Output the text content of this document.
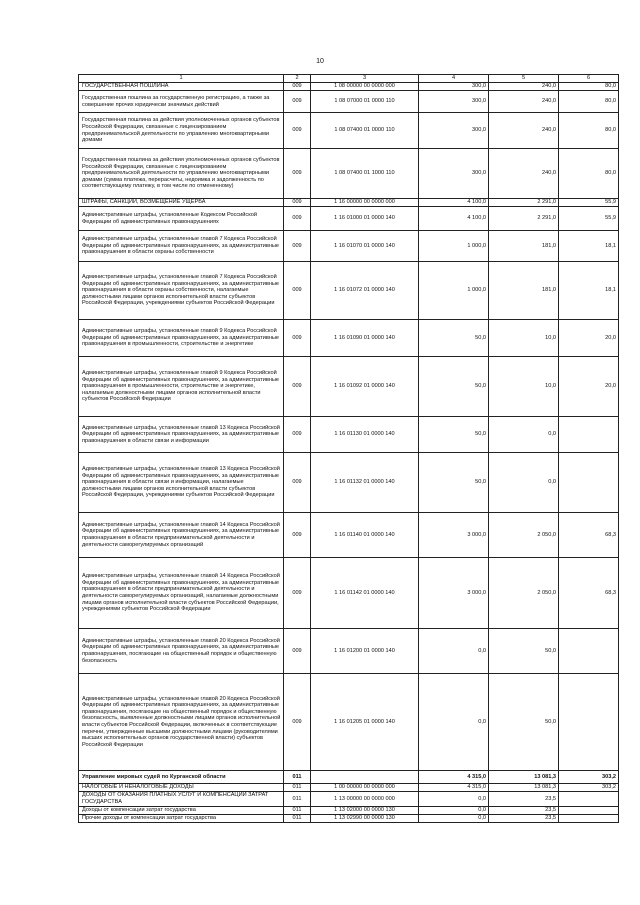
10
1	2	3	4	5	6
ГОСУДАРСТВЕННАЯ ПОШЛИНА	009	1 08 00000 00 0000 000	300,0	240,0	80,0
Государственная пошлина за государственную регистрацию, а также за совершение прочих юридически значимых действий	009	1 08 07000 01 0000 110	300,0	240,0	80,0
Государственная пошлина за действия уполномоченных органов субъектов Российской Федерации, связанные с лицензированием предпринимательской деятельности по управлению многоквартирными домами	009	1 08 07400 01 0000 110	300,0	240,0	80,0
Государственная пошлина за действия уполномоченных органов субъектов Российской Федерации, связанные с лицензированием предпринимательской деятельности по управлению многоквартирными домами (сумма платежа, перерасчеты, недоимка и задолженность по соответствующему платежу, в том числе по отмененному)	009	1 08 07400 01 1000 110	300,0	240,0	80,0
ШТРАФЫ, САНКЦИИ, ВОЗМЕЩЕНИЕ УЩЕРБА	009	1 16 00000 00 0000 000	4 100,0	2 291,0	55,9
Административные штрафы, установленные Кодексом Российской Федерации об административных правонарушениях	009	1 16 01000 01 0000 140	4 100,0	2 291,0	55,9
Административные штрафы, установленные главой 7 Кодекса Российской Федерации об административных правонарушениях, за административные правонарушения в области охраны собственности	009	1 16 01070 01 0000 140	1 000,0	181,0	18,1
Административные штрафы, установленные главой 7 Кодекса Российской Федерации об административных правонарушениях, за административные правонарушения в области охраны собственности, налагаемые должностными лицами органов исполнительной власти субъектов Российской Федерации, учреждениями субъектов Российской Федерации	009	1 16 01072 01 0000 140	1 000,0	181,0	18,1
Административные штрафы, установленные главой 9 Кодекса Российской Федерации об административных правонарушениях, за административные правонарушения в промышленности, строительстве и энергетике	009	1 16 01090 01 0000 140	50,0	10,0	20,0
Административные штрафы, установленные главой 9 Кодекса Российской Федерации об административных правонарушениях, за административные правонарушения в промышленности, строительстве и энергетике, налагаемые должностными лицами органов исполнительной власти субъектов Российской Федерации	009	1 16 01092 01 0000 140	50,0	10,0	20,0
Административные штрафы, установленные главой 13 Кодекса Российской Федерации об административных правонарушениях, за административные правонарушения в области связи и информации	009	1 16 01130 01 0000 140	50,0	0,0	
Административные штрафы, установленные главой 13 Кодекса Российской Федерации об административных правонарушениях, за административные правонарушения в области связи и информации, налагаемые должностными лицами органов исполнительной власти субъектов Российской Федерации, учреждениями субъектов Российской Федерации	009	1 16 01132 01 0000 140	50,0	0,0	
Административные штрафы, установленные главой 14 Кодекса Российской Федерации об административных правонарушениях, за административные правонарушения в области предпринимательской деятельности и деятельности саморегулируемых организаций	009	1 16 01140 01 0000 140	3 000,0	2 050,0	68,3
Административные штрафы, установленные главой 14 Кодекса Российской Федерации об административных правонарушениях, за административные правонарушения в области предпринимательской деятельности и деятельности саморегулируемых организаций, налагаемые должностными лицами органов исполнительной власти субъектов Российской Федерации, учреждениями субъектов Российской Федерации	009	1 16 01142 01 0000 140	3 000,0	2 050,0	68,3
Административные штрафы, установленные главой 20 Кодекса Российской Федерации об административных правонарушениях, за административные правонарушения, посягающие на общественный порядок и общественную безопасность	009	1 16 01200 01 0000 140	0,0	50,0	
Административные штрафы, установленные главой 20 Кодекса Российской Федерации об административных правонарушениях, за административные правонарушения, посягающие на общественный порядок и общественную безопасность, выявленные должностными лицами органов исполнительной власти субъектов Российской Федерации, включенных в соответствующие перечни, утвержденные высшими должностными лицами (руководителями высших исполнительных органов государственной власти) субъектов Российской Федерации	009	1 16 01205 01 0000 140	0,0	50,0	
Управление мировых судей по Курганской области	011		4 315,0	13 081,3	303,2
НАЛОГОВЫЕ И НЕНАЛОГОВЫЕ ДОХОДЫ	011	1 00 00000 00 0000 000	4 315,0	13 081,3	303,2
ДОХОДЫ ОТ ОКАЗАНИЯ ПЛАТНЫХ УСЛУГ И КОМПЕНСАЦИИ ЗАТРАТ ГОСУДАРСТВА	011	1 13 00000 00 0000 000	0,0	23,5	
Доходы от компенсации затрат государства	011	1 13 02000 00 0000 130	0,0	23,5	
Прочие доходы от компенсации затрат государства	011	1 13 02990 00 0000 130	0,0	23,5	
